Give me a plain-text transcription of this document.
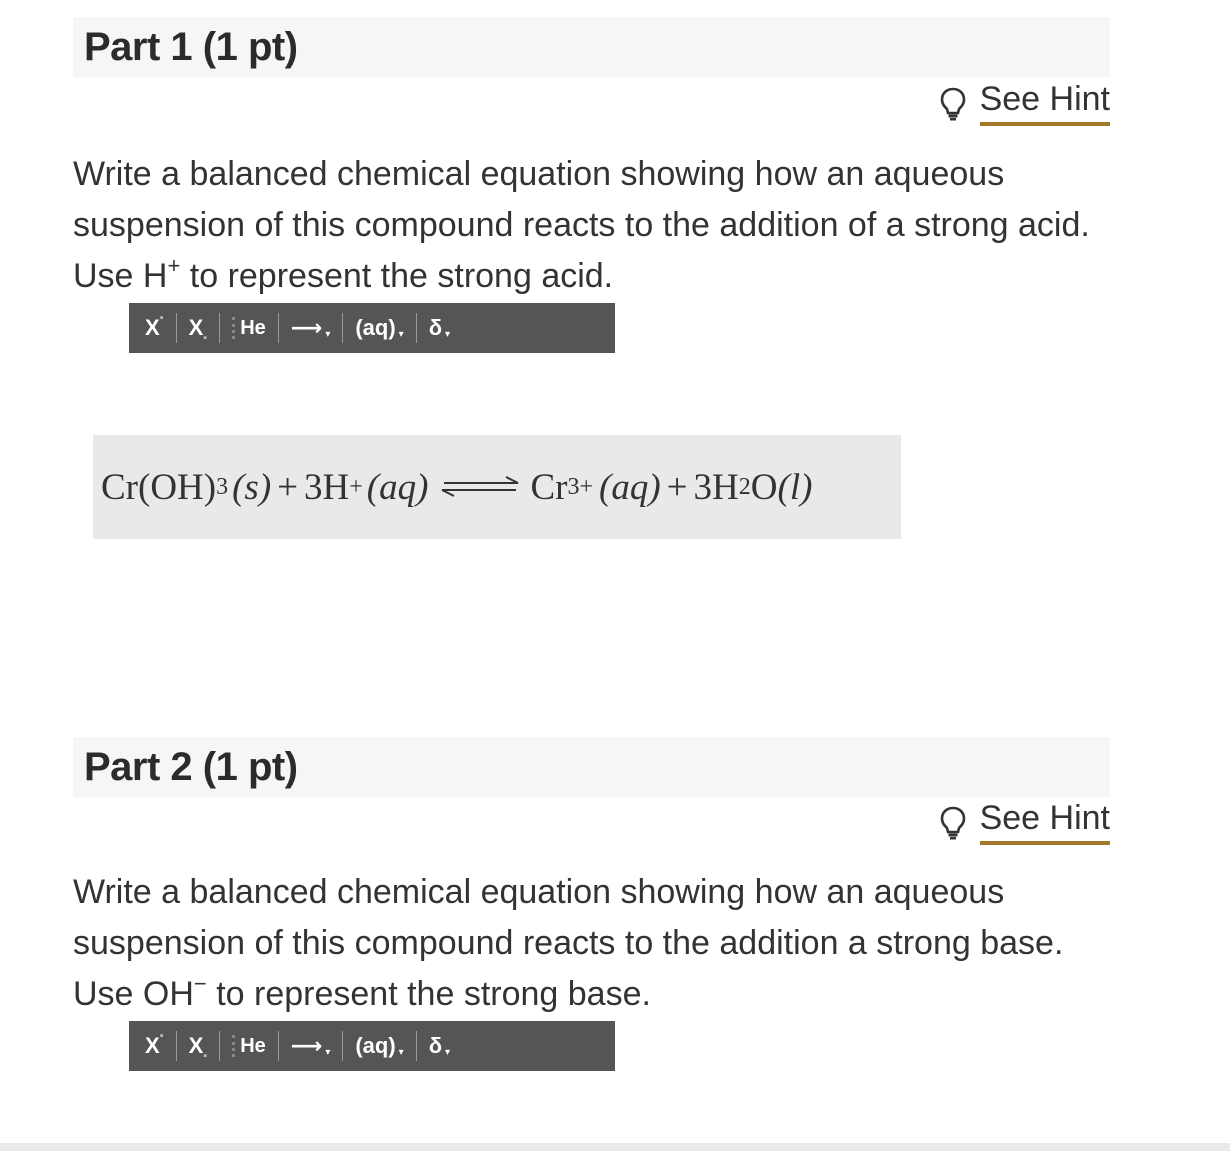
Part 1 (1 pt)
See Hint
Write a balanced chemical equation showing how an aqueous suspension of this compound reacts to the addition of a strong acid. Use H+ to represent the strong acid.
X ▪ X ▪ He ⟶ ▾ (aq) ▾ δ ▾
Cr(OH) 3 (s) + 3H + (aq) ⇌ Cr 3+ (aq) + 3H 2 O (l)
Part 2 (1 pt)
See Hint
Write a balanced chemical equation showing how an aqueous suspension of this compound reacts to the addition a strong base. Use OH− to represent the strong base.
X ▪ X ▪ He ⟶ ▾ (aq) ▾ δ ▾
